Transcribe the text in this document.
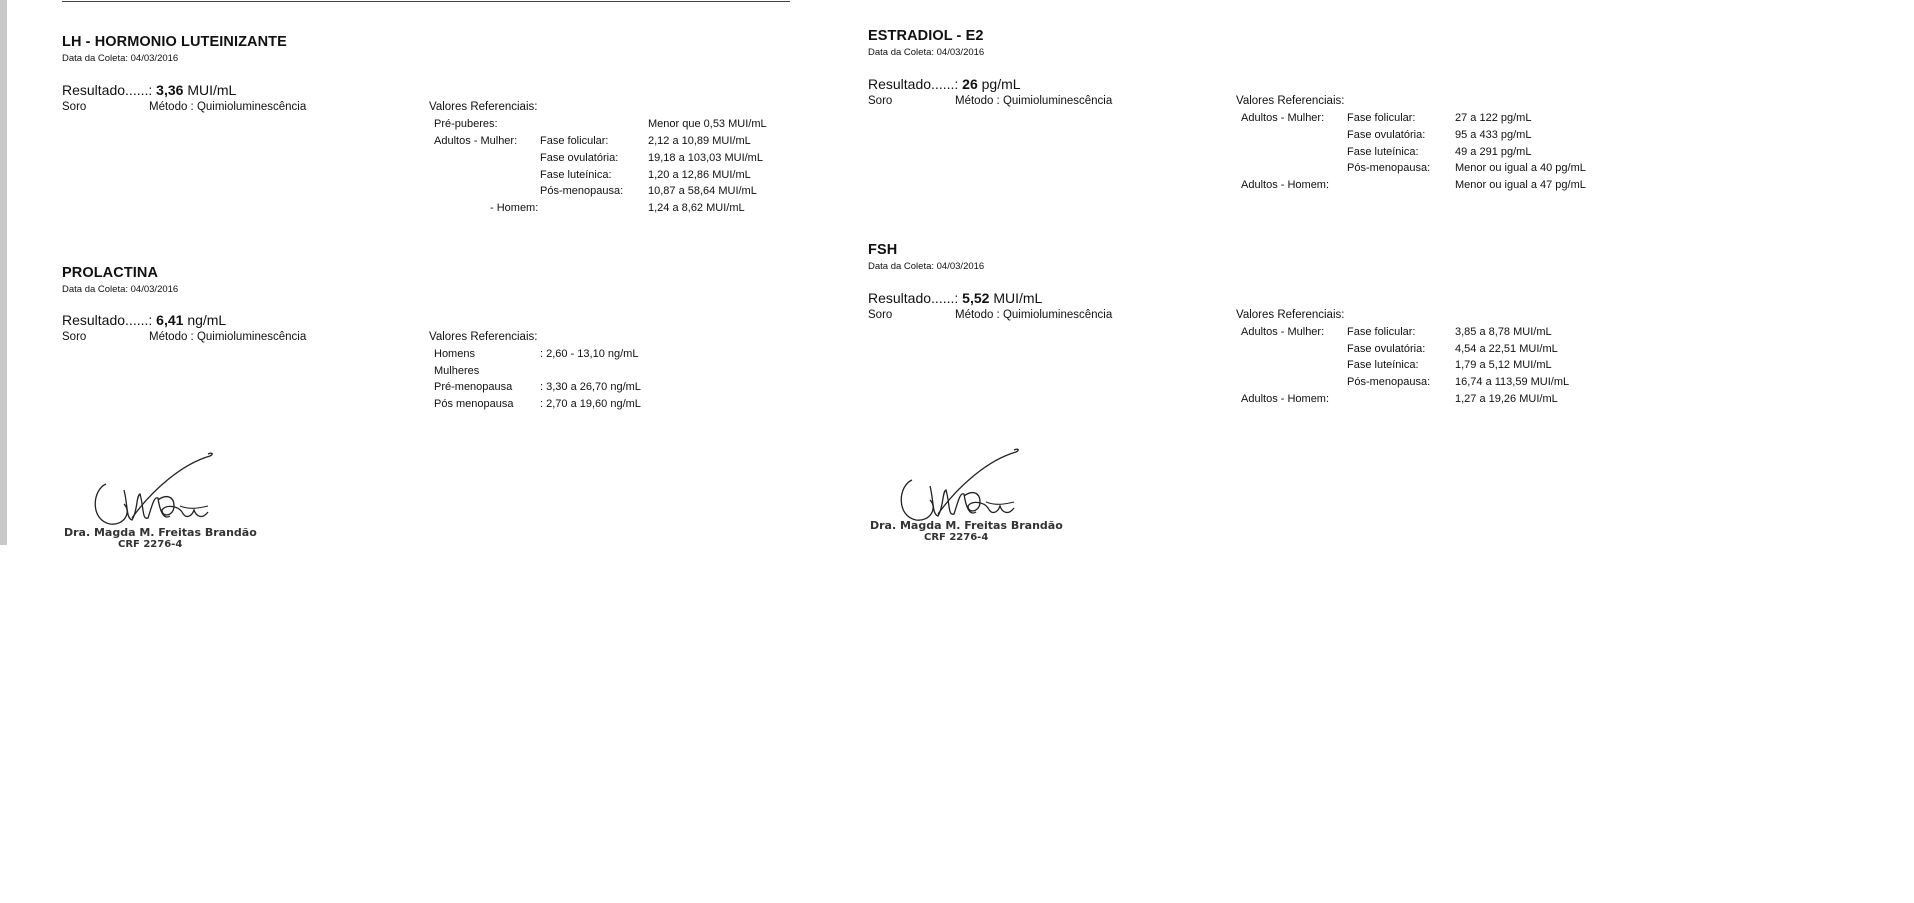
LH - HORMONIO LUTEINIZANTE
Data da Coleta: 04/03/2016
Resultado......: 3,36 MUI/mL
Soro	Método : Quimioluminescência	Valores Referenciais:
Pré-puberes:	Menor que 0,53 MUI/mL
Adultos - Mulher: Fase folicular:	2,12 a 10,89 MUI/mL
Fase ovulatória:	19,18 a 103,03 MUI/mL
Fase luteínica:	1,20 a 12,86 MUI/mL
Pós-menopausa: 10,87 a 58,64 MUI/mL
- Homem:	1,24 a 8,62 MUI/mL
PROLACTINA
Data da Coleta: 04/03/2016
Resultado......: 6,41 ng/mL
Soro	Método : Quimioluminescência	Valores Referenciais:
Homens	: 2,60 - 13,10 ng/mL
Mulheres
Pré-menopausa	: 3,30 a 26,70 ng/mL
Pós menopausa : 2,70 a 19,60 ng/mL
ESTRADIOL - E2
Data da Coleta: 04/03/2016
Resultado......: 26 pg/mL
Soro	Método : Quimioluminescência	Valores Referenciais:
Adultos - Mulher: Fase folicular:	27 a 122 pg/mL
Fase ovulatória:	95 a 433 pg/mL
Fase luteínica:	49 a 291 pg/mL
Pós-menopausa: Menor ou igual a 40 pg/mL
Adultos - Homem:	Menor ou igual a 47 pg/mL
FSH
Data da Coleta: 04/03/2016
Resultado......: 5,52 MUI/mL
Soro	Método : Quimioluminescência	Valores Referenciais:
Adultos - Mulher: Fase folicular:	3,85 a 8,78 MUI/mL
Fase ovulatória:	4,54 a 22,51 MUI/mL
Fase luteínica:	1,79 a 5,12 MUI/mL
Pós-menopausa: 16,74 a 113,59 MUI/mL
Adultos - Homem:	1,27 a 19,26 MUI/mL
Dra. Magda M. Freitas Brandão
CRF 2276-4
Dra. Magda M. Freitas Brandão
CRF 2276-4
